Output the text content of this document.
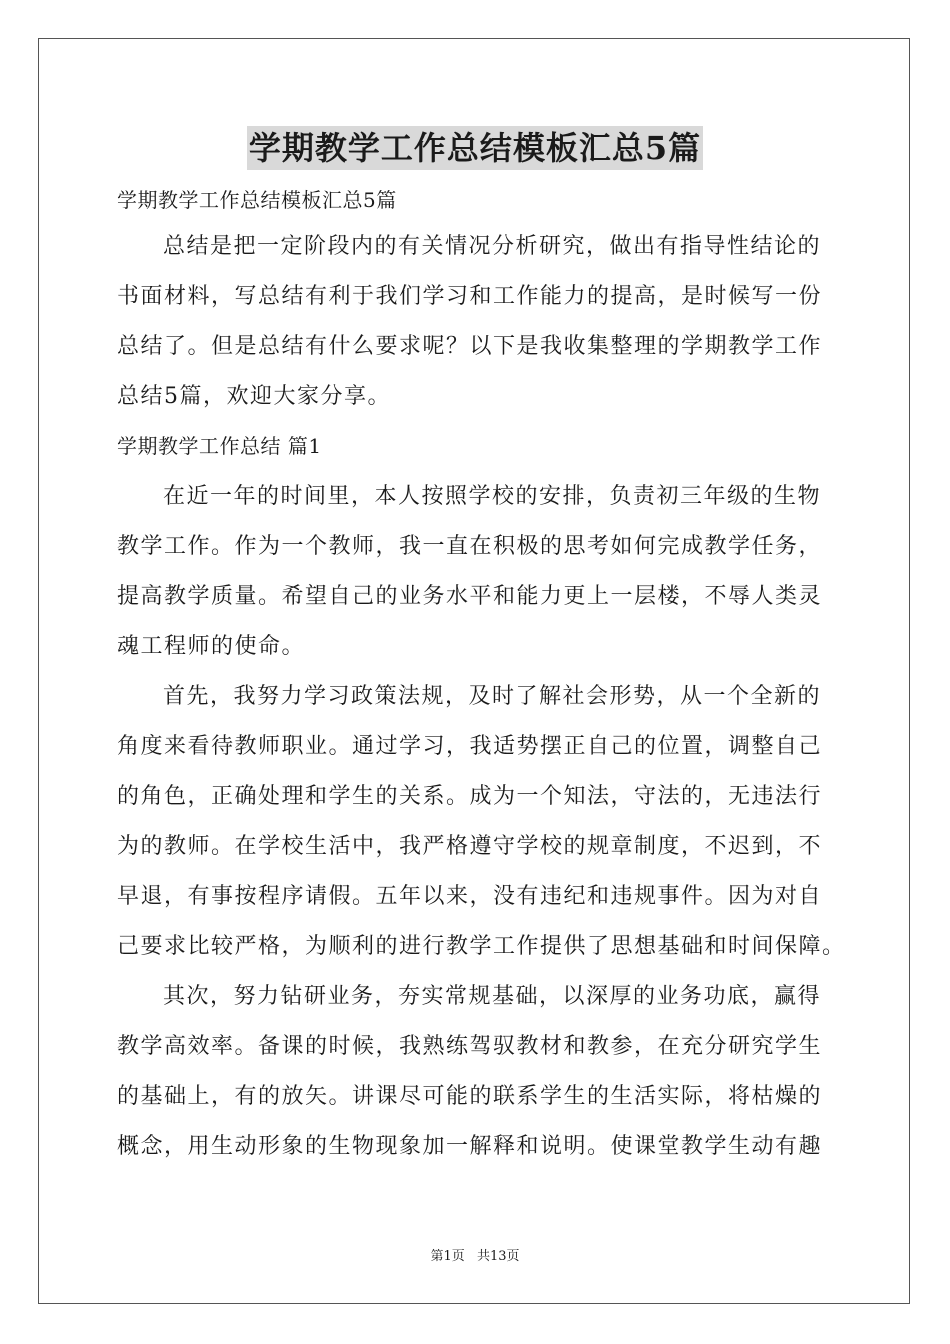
学期教学工作总结模板汇总5篇
学期教学工作总结模板汇总5篇
总结是把一定阶段内的有关情况分析研究，做出有指导性结论的
书面材料，写总结有利于我们学习和工作能力的提高，是时候写一份
总结了。但是总结有什么要求呢？以下是我收集整理的学期教学工作
总结5篇，欢迎大家分享。
学期教学工作总结 篇1
在近一年的时间里，本人按照学校的安排，负责初三年级的生物
教学工作。作为一个教师，我一直在积极的思考如何完成教学任务，
提高教学质量。希望自己的业务水平和能力更上一层楼，不辱人类灵
魂工程师的使命。
首先，我努力学习政策法规，及时了解社会形势，从一个全新的
角度来看待教师职业。通过学习，我适势摆正自己的位置，调整自己
的角色，正确处理和学生的关系。成为一个知法，守法的，无违法行
为的教师。在学校生活中，我严格遵守学校的规章制度，不迟到，不
早退，有事按程序请假。五年以来，没有违纪和违规事件。因为对自
己要求比较严格，为顺利的进行教学工作提供了思想基础和时间保障。
其次，努力钻研业务，夯实常规基础，以深厚的业务功底，赢得
教学高效率。备课的时候，我熟练驾驭教材和教参，在充分研究学生
的基础上，有的放矢。讲课尽可能的联系学生的生活实际，将枯燥的
概念，用生动形象的生物现象加一解释和说明。使课堂教学生动有趣
第1页 共13页
